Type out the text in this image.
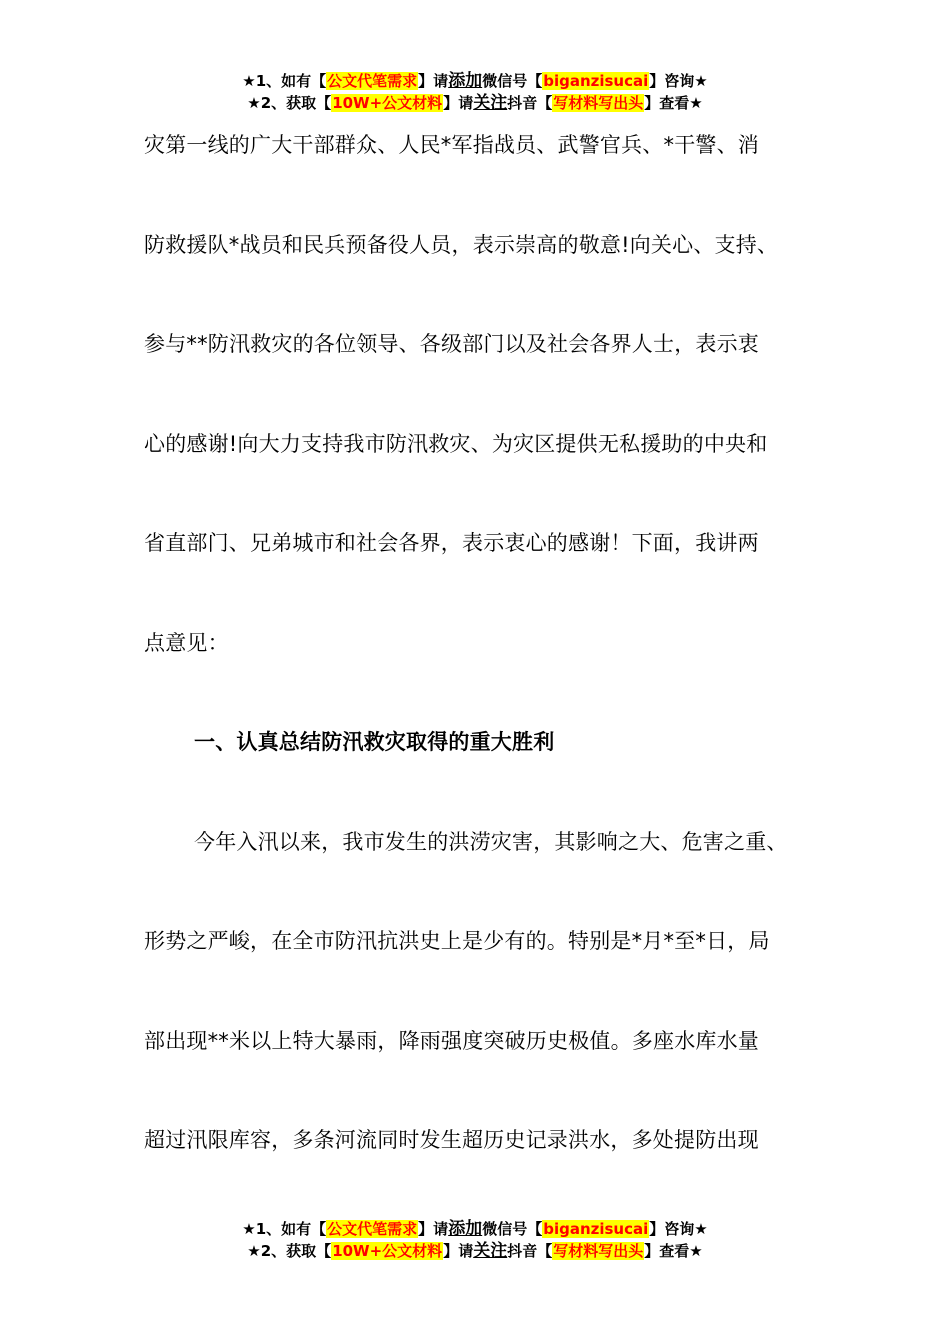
★1、如有【公文代笔需求】请添加微信号【biganzisucai】咨询★
★2、获取【10W+公文材料】请关注抖音【写材料写出头】查看★
灾第一线的广大干部群众、人民*军指战员、武警官兵、*干警、消
防救援队*战员和民兵预备役人员，表示崇高的敬意!向关心、支持、
参与**防汛救灾的各位领导、各级部门以及社会各界人士，表示衷
心的感谢!向大力支持我市防汛救灾、为灾区提供无私援助的中央和
省直部门、兄弟城市和社会各界，表示衷心的感谢！下面，我讲两
点意见：
一、认真总结防汛救灾取得的重大胜利
今年入汛以来，我市发生的洪涝灾害，其影响之大、危害之重、
形势之严峻，在全市防汛抗洪史上是少有的。特别是*月*至*日，局
部出现**米以上特大暴雨，降雨强度突破历史极值。多座水库水量
超过汛限库容，多条河流同时发生超历史记录洪水，多处提防出现
★1、如有【公文代笔需求】请添加微信号【biganzisucai】咨询★
★2、获取【10W+公文材料】请关注抖音【写材料写出头】查看★
